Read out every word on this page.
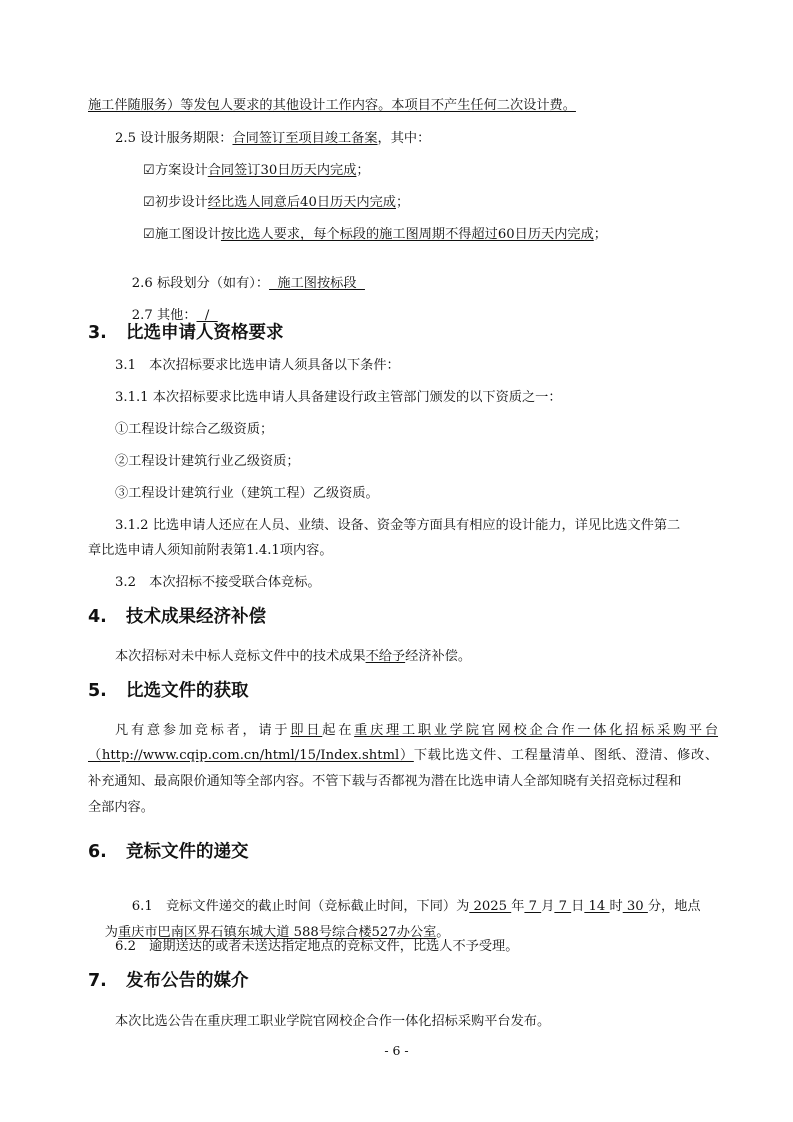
施工伴随服务）等发包人要求的其他设计工作内容。本项目不产生任何二次设计费。
2.5 设计服务期限：合同签订至项目竣工备案，其中：
☑方案设计合同签订30日历天内完成；
☑初步设计经比选人同意后40日历天内完成；
☑施工图设计按比选人要求，每个标段的施工图周期不得超过60日历天内完成；

2.6 标段划分（如有）：  施工图按标段

2.7 其他：  /

3. 比选申请人资格要求
3.1　本次招标要求比选申请人须具备以下条件：
3.1.1 本次招标要求比选申请人具备建设行政主管部门颁发的以下资质之一：
①工程设计综合乙级资质；
②工程设计建筑行业乙级资质；
③工程设计建筑行业（建筑工程）乙级资质。
3.1.2 比选申请人还应在人员、业绩、设备、资金等方面具有相应的设计能力，详见比选文件第二
章比选申请人须知前附表第1.4.1项内容。
3.2　本次招标不接受联合体竞标。
4. 技术成果经济补偿
本次招标对未中标人竞标文件中的技术成果不给予经济补偿。
5. 比选文件的获取
凡有意参加竞标者，请于即日起在重庆理工职业学院官网校企合作一体化招标采购平台
（http://www.cqip.com.cn/html/15/Index.shtml）下载比选文件、工程量清单、图纸、澄清、修改、
补充通知、最高限价通知等全部内容。不管下载与否都视为潜在比选申请人全部知晓有关招竞标过程和
全部内容。
6. 竞标文件的递交

6.1　竞标文件递交的截止时间（竞标截止时间，下同）为 2025 年 7 月 7 日 14 时 30 分，地点

为重庆市巴南区界石镇东城大道 588号综合楼527办公室。

6.2　逾期送达的或者未送达指定地点的竞标文件，比选人不予受理。
7. 发布公告的媒介
本次比选公告在重庆理工职业学院官网校企合作一体化招标采购平台发布。
- 6 -
